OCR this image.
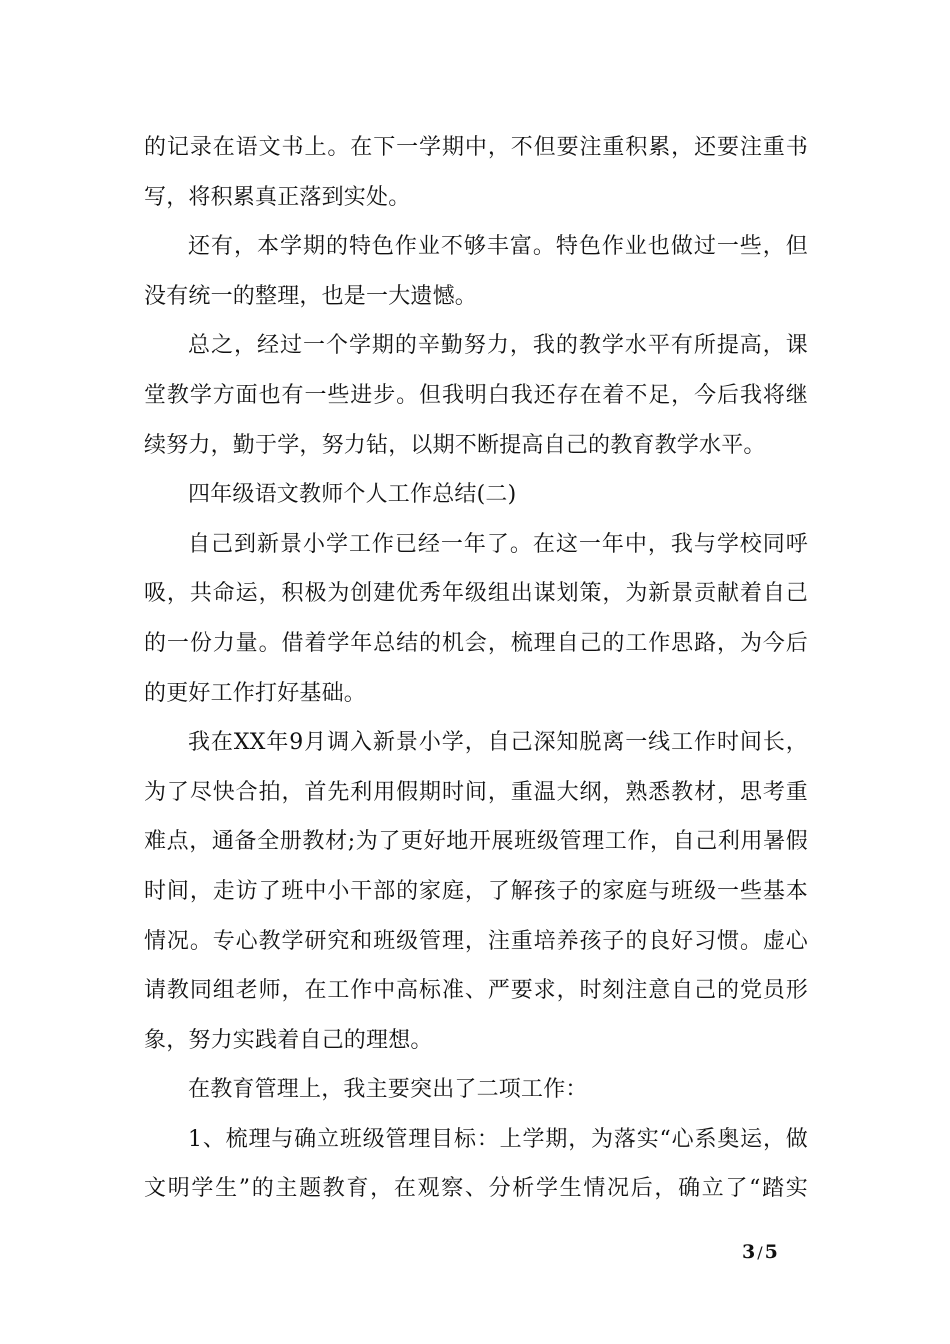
的记录在语文书上。在下一学期中，不但要注重积累，还要注重书
写，将积累真正落到实处。
还有，本学期的特色作业不够丰富。特色作业也做过一些，但
没有统一的整理，也是一大遗憾。
总之，经过一个学期的辛勤努力，我的教学水平有所提高，课
堂教学方面也有一些进步。但我明白我还存在着不足，今后我将继
续努力，勤于学，努力钻，以期不断提高自己的教育教学水平。
四年级语文教师个人工作总结(二)
自己到新景小学工作已经一年了。在这一年中，我与学校同呼
吸，共命运，积极为创建优秀年级组出谋划策，为新景贡献着自己
的一份力量。借着学年总结的机会，梳理自己的工作思路，为今后
的更好工作打好基础。
我在XX年9月调入新景小学，自己深知脱离一线工作时间长，
为了尽快合拍，首先利用假期时间，重温大纲，熟悉教材，思考重
难点，通备全册教材;为了更好地开展班级管理工作，自己利用暑假
时间，走访了班中小干部的家庭，了解孩子的家庭与班级一些基本
情况。专心教学研究和班级管理，注重培养孩子的良好习惯。虚心
请教同组老师，在工作中高标准、严要求，时刻注意自己的党员形
象，努力实践着自己的理想。
在教育管理上，我主要突出了二项工作：
1、梳理与确立班级管理目标：上学期，为落实“心系奥运，做
文明学生”的主题教育，在观察、分析学生情况后，确立了“踏实
3 / 5
